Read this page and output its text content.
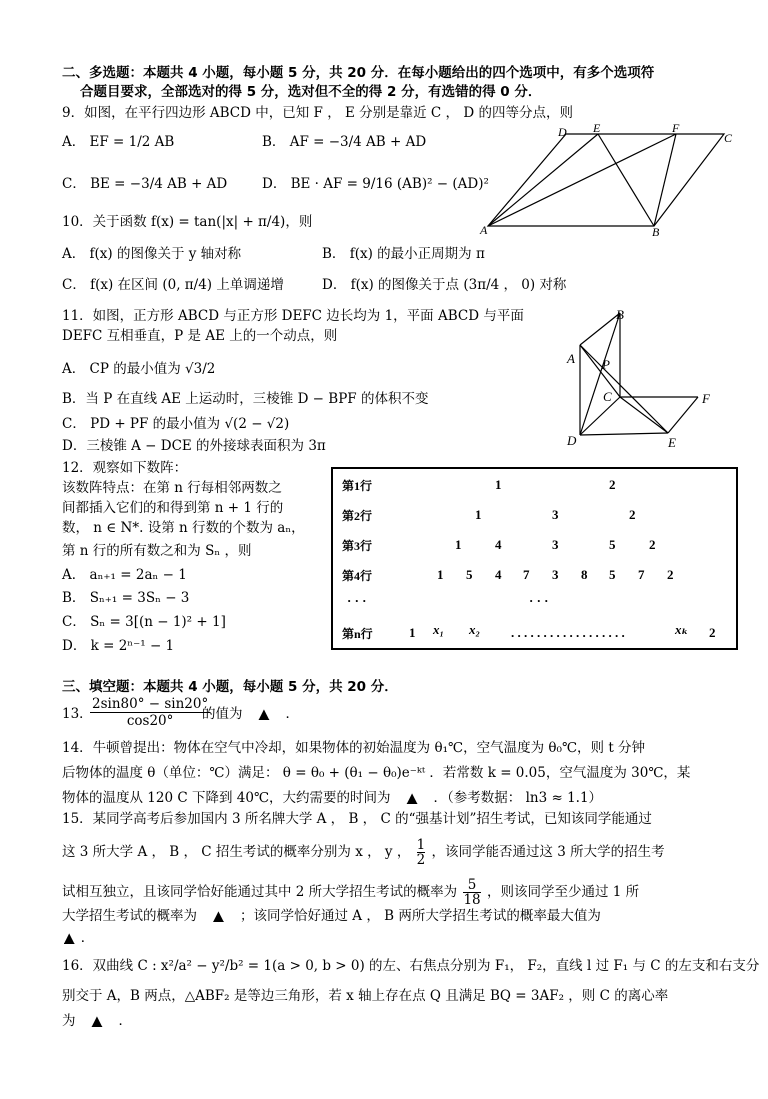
二、多选题：本题共 4 小题，每小题 5 分，共 20 分．在每小题给出的四个选项中，有多个选项符
合题目要求，全部选对的得 5 分，选对但不全的得 2 分，有选错的得 0 分．
9．如图，在平行四边形 ABCD 中，已知 F ， E 分别是靠近 C ， D 的四等分点，则
A． EF = 1/2 AB	B． AF = −3/4 AB + AD
C． BE = −3/4 AB + AD	D． BE · AF = 9/16 (AB)² − (AD)²
D E	F
C
A	B
10．关于函数 f(x) = tan(|x| + π/4)，则
A． f(x) 的图像关于 y 轴对称	B． f(x) 的最小正周期为 π
C． f(x) 在区间 (0, π/4) 上单调递增	D． f(x) 的图像关于点 (3π/4 ， 0) 对称
11．如图，正方形 ABCD 与正方形 DEFC 边长均为 1，平面 ABCD 与平面
DEFC 互相垂直，P 是 AE 上的一个动点，则
A． CP 的最小值为 √3/2
B．当 P 在直线 AE 上运动时，三棱锥 D − BPF 的体积不变
C． PD + PF 的最小值为 √(2 − √2)
D．三棱锥 A − DCE 的外接球表面积为 3π
B
A P
C	F
D	E
12．观察如下数阵：
该数阵特点：在第 n 行每相邻两数之
间都插入它们的和得到第 n + 1 行的
数， n ∈ N*. 设第 n 行数的个数为 aₙ，
第 n 行的所有数之和为 Sₙ ，则
A． aₙ₊₁ = 2aₙ − 1
B． Sₙ₊₁ = 3Sₙ − 3
C． Sₙ = 3[(n − 1)² + 1]
D． k = 2ⁿ⁻¹ − 1
第1行	1	2
第2行	1	3	2
第3行	1	4	3	5	2
第4行	1 5 4 7 3 8 5 7 2
· · ·	· · ·
第n行	1 x₁ x₂ . . . . . . . . . . . . . . . . . .	xₖ 2
三、填空题：本题共 4 小题，每小题 5 分，共 20 分．
13．
$\frac{2\sin 80^\circ - \sin 20^\circ}{\cos 20^\circ}$
的值为 ▲ ．
14．牛顿曾提出：物体在空气中冷却，如果物体的初始温度为 θ₁℃，空气温度为 θ₀℃，则 t 分钟
后物体的温度 θ（单位：℃）满足： θ = θ₀ + (θ₁ − θ₀)e⁻ᵏᵗ ．若常数 k = 0.05，空气温度为 30℃，某
物体的温度从 120 C 下降到 40℃，大约需要的时间为 ▲ ．（参考数据： ln3 ≈ 1.1）
15．某同学高考后参加国内 3 所名牌大学 A ， B ， C 的“强基计划”招生考试，已知该同学能通过
这 3 所大学 A ， B ， C 招生考试的概率分别为 x ， y ， $\frac{1}{2}$ ，该同学能否通过这 3 所大学的招生考
试相互独立，且该同学恰好能通过其中 2 所大学招生考试的概率为 $\frac{5}{18}$ ，则该同学至少通过 1 所
大学招生考试的概率为 ▲ ；该同学恰好通过 A ， B 两所大学招生考试的概率最大值为
▲ ．
16．双曲线 C : x²/a² − y²/b² = 1(a > 0, b > 0) 的左、右焦点分别为 F₁， F₂，直线 l 过 F₁ 与 C 的左支和右支分
别交于 A，B 两点，△ABF₂ 是等边三角形，若 x 轴上存在点 Q 且满足 BQ = 3AF₂ ，则 C 的离心率
为 ▲ ．
